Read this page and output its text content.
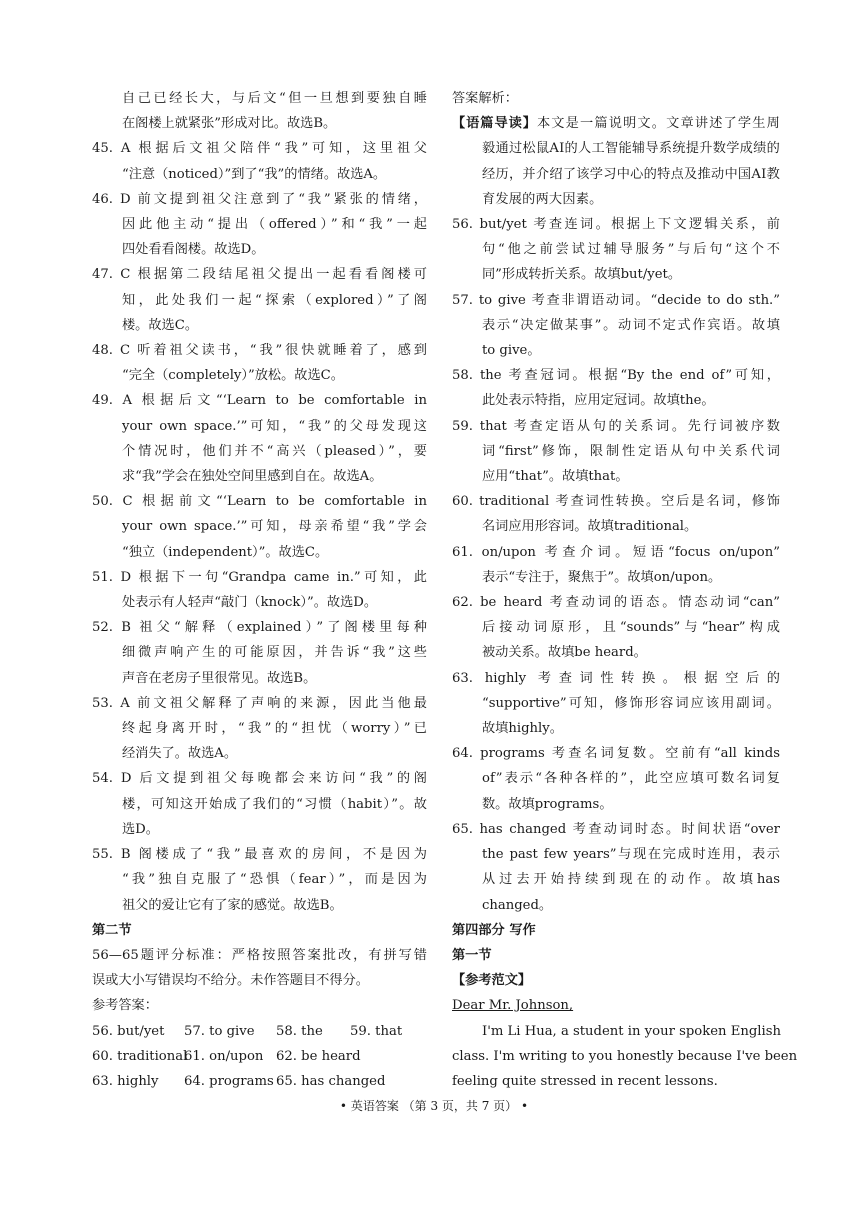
自己已经长大，与后文“但一旦想到要独自睡
在阁楼上就紧张”形成对比。故选B。
45. A 根据后文祖父陪伴“我”可知，这里祖父
“注意（noticed）”到了“我”的情绪。故选A。
46. D 前文提到祖父注意到了“我”紧张的情绪，
因此他主动“提出（offered）”和“我”一起
四处看看阁楼。故选D。
47. C 根据第二段结尾祖父提出一起看看阁楼可
知，此处我们一起“探索（explored）”了阁
楼。故选C。
48. C 听着祖父读书，“我”很快就睡着了，感到
“完全（completely）”放松。故选C。
49. A 根据后文“‘Learn to be comfortable in
your own space.’”可知，“我”的父母发现这
个情况时，他们并不“高兴（pleased）”，要
求“我”学会在独处空间里感到自在。故选A。
50. C 根据前文“‘Learn to be comfortable in
your own space.’”可知，母亲希望“我”学会
“独立（independent）”。故选C。
51. D 根据下一句“Grandpa came in.”可知，此
处表示有人轻声“敲门（knock）”。故选D。
52. B 祖父“解释（explained）”了阁楼里每种
细微声响产生的可能原因，并告诉“我”这些
声音在老房子里很常见。故选B。
53. A 前文祖父解释了声响的来源，因此当他最
终起身离开时，“我”的“担忧（worry）”已
经消失了。故选A。
54. D 后文提到祖父每晚都会来访问“我”的阁
楼，可知这开始成了我们的“习惯（habit）”。故
选D。
55. B 阁楼成了“我”最喜欢的房间，不是因为
“我”独自克服了“恐惧（fear）”，而是因为
祖父的爱让它有了家的感觉。故选B。
第二节
56—65题评分标准：严格按照答案批改，有拼写错
误或大小写错误均不给分。未作答题目不得分。
参考答案：
56. but/yet 57. to give 58. the 59. that
60. traditional61. on/upon 62. be heard
63. highly 64. programs 65. has changed
答案解析：
【语篇导读】本文是一篇说明文。文章讲述了学生周
毅通过松鼠AI的人工智能辅导系统提升数学成绩的
经历，并介绍了该学习中心的特点及推动中国AI教
育发展的两大因素。
56. but/yet 考查连词。根据上下文逻辑关系，前
句“他之前尝试过辅导服务”与后句“这个不
同”形成转折关系。故填but/yet。
57. to give 考查非谓语动词。“decide to do sth.”
表示“决定做某事”。动词不定式作宾语。故填
to give。
58. the 考查冠词。根据“By the end of”可知，
此处表示特指，应用定冠词。故填the。
59. that 考查定语从句的关系词。先行词被序数
词“first”修饰，限制性定语从句中关系代词
应用“that”。故填that。
60. traditional 考查词性转换。空后是名词，修饰
名词应用形容词。故填traditional。
61. on/upon 考查介词。短语“focus on/upon”
表示“专注于，聚焦于”。故填on/upon。
62. be heard 考查动词的语态。情态动词“can”
后接动词原形，且“sounds”与“hear”构成
被动关系。故填be heard。
63. highly 考查词性转换。根据空后的
“supportive”可知，修饰形容词应该用副词。
故填highly。
64. programs 考查名词复数。空前有“all kinds
of”表示“各种各样的”，此空应填可数名词复
数。故填programs。
65. has changed 考查动词时态。时间状语“over
the past few years”与现在完成时连用，表示
从过去开始持续到现在的动作。故填has
changed。
第四部分 写作
第一节
【参考范文】
Dear Mr. Johnson,
I'm Li Hua, a student in your spoken English
class. I'm writing to you honestly because I've been
feeling quite stressed in recent lessons.
• 英语答案 （第 3 页，共 7 页） •
